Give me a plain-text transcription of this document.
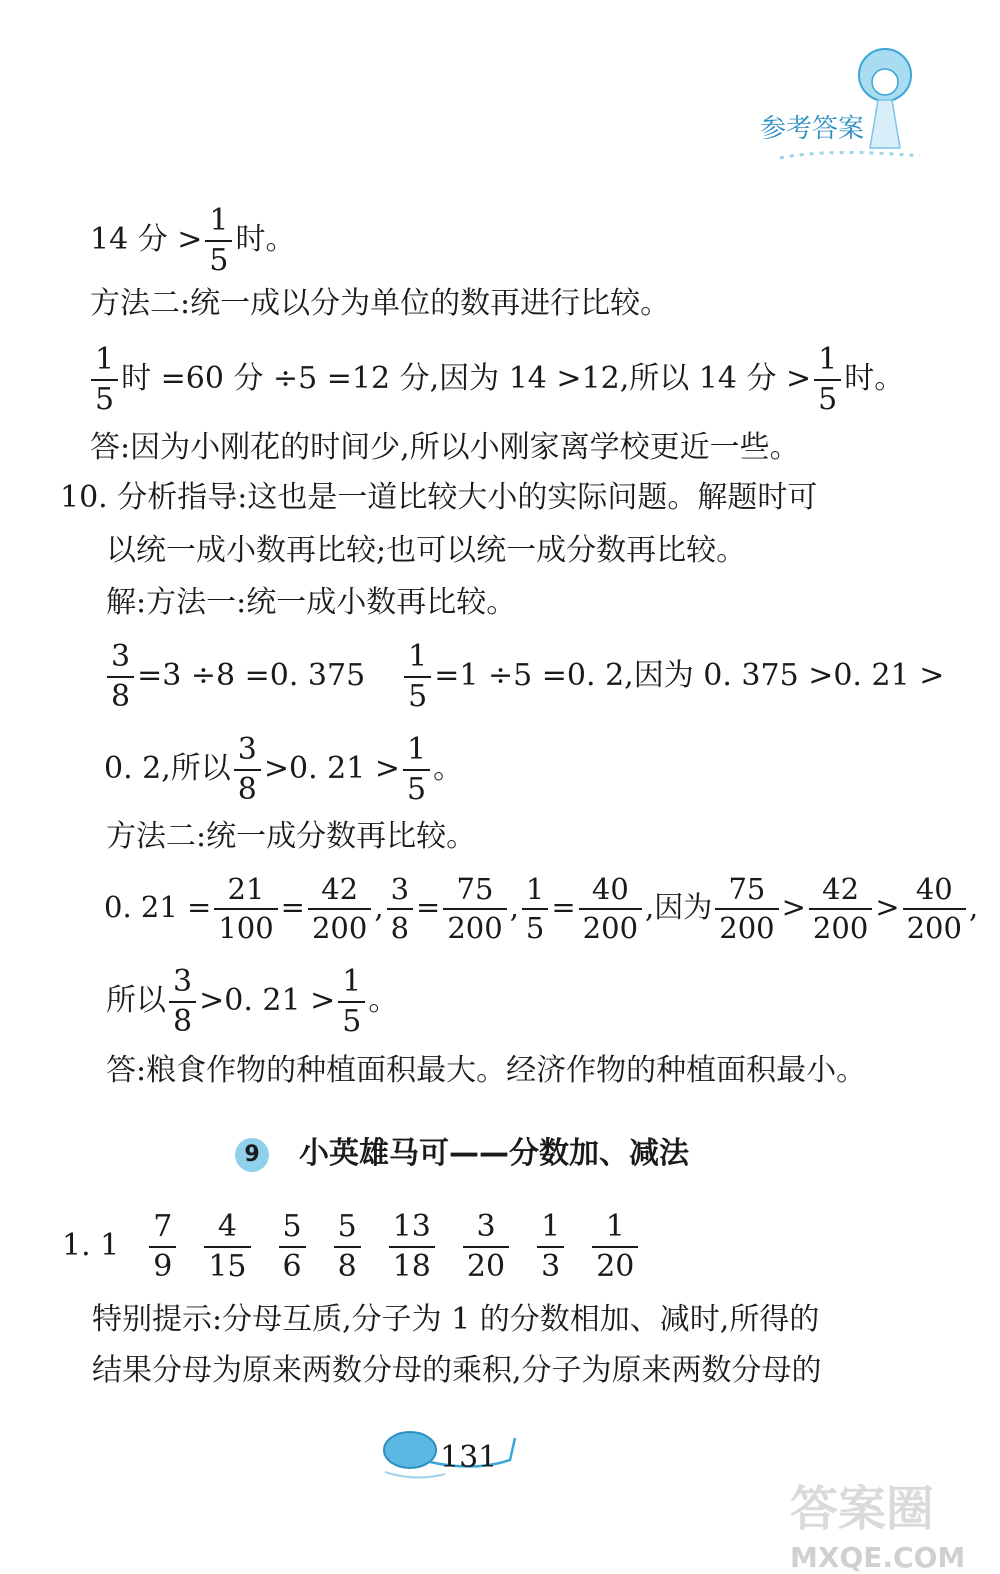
参考答案
14 分 > $\frac{1}{5}$ 时。
方法二:统一成以分为单位的数再进行比较。
$\frac{1}{5}$ 时 =60 分 ÷5 =12 分,因为 14 >12,所以 14 分 > $\frac{1}{5}$ 时。
答:因为小刚花的时间少,所以小刚家离学校更近一些。
10. 分析指导:这也是一道比较大小的实际问题。解题时可
以统一成小数再比较;也可以统一成分数再比较。
解:方法一:统一成小数再比较。
$\frac{3}{8} =3 \div 8 =0$. $375 \frac{1}{5} =1 \div 5 =0$. 2,因为 0. 375 >0. 21 >
0. 2,所以 $\frac{3}{8} >0$. $21 > \frac{1}{5}$ 。
方法二:统一成分数再比较。
0. $21 = \frac{21}{100} = \frac{42}{200}$ , $\frac{3}{8} = \frac{75}{200}$ , $\frac{1}{5} = \frac{40}{200}$ ,因为 $\frac{75}{200} > \frac{42}{200} > \frac{40}{200}$ ,
所以 $\frac{3}{8} >0$. $21 > \frac{1}{5}$ 。
答:粮食作物的种植面积最大。经济作物的种植面积最小。
9 小英雄马可——分数加、减法
1. $1 \frac{7}{9} \frac{4}{15} \frac{5}{6} \frac{5}{8} \frac{13}{18} \frac{3}{20} \frac{1}{3} \frac{1}{20}$
特别提示:分母互质,分子为 1 的分数相加、减时,所得的
结果分母为原来两数分母的乘积,分子为原来两数分母的
131
答案圈
MXQE.COM
